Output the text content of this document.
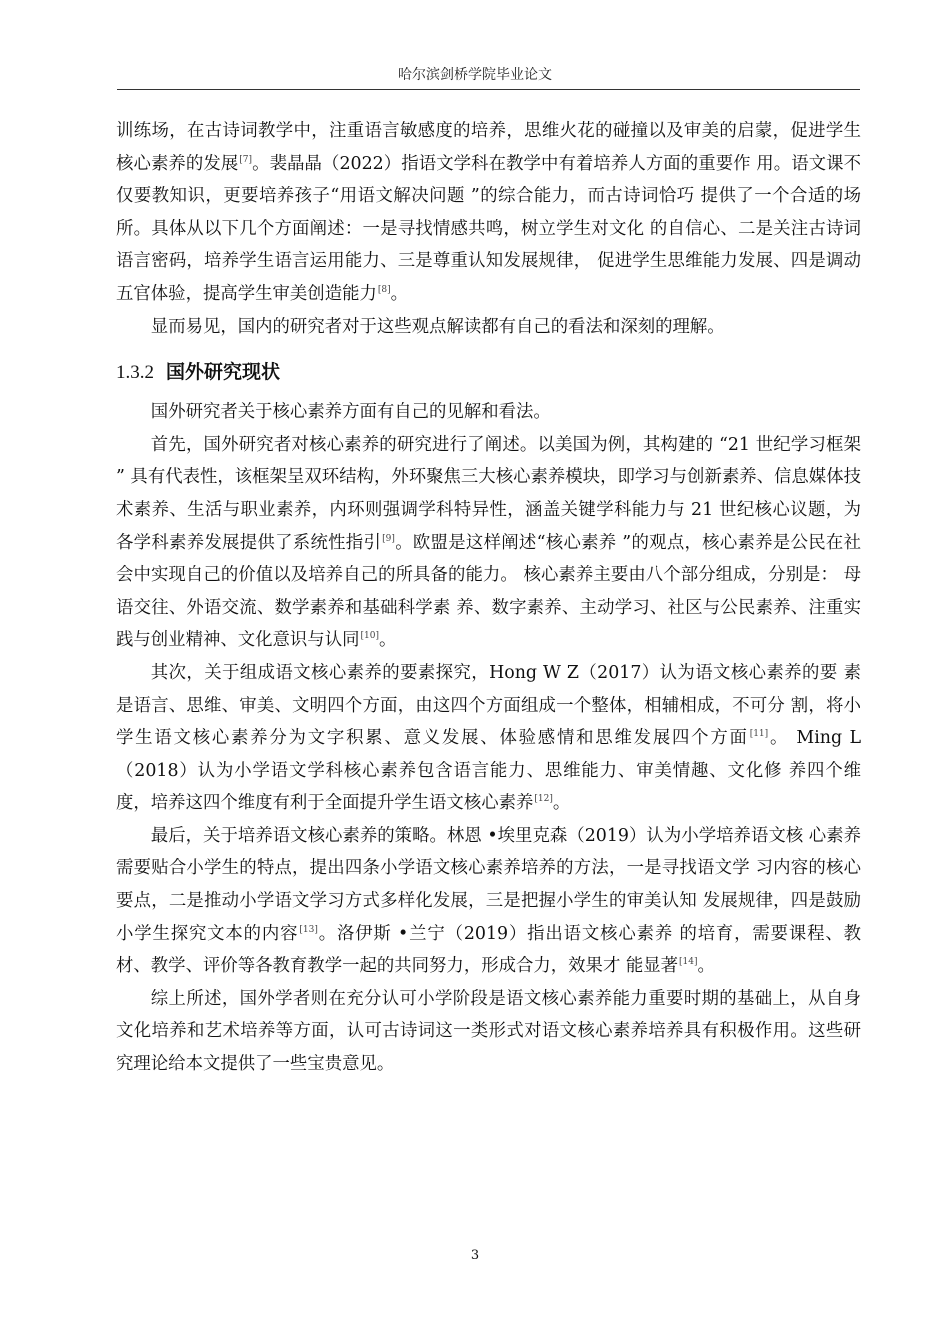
哈尔滨剑桥学院毕业论文

训练场，在古诗词教学中，注重语言敏感度的培养，思维火花的碰撞以及审美的启蒙，促进学生核心素养的发展[7]。裴晶晶（2022）指语文学科在教学中有着培养人方面的重要作 用。语文课不仅要教知识，更要培养孩子“用语文解决问题 ”的综合能力，而古诗词恰巧 提供了一个合适的场所。具体从以下几个方面阐述：一是寻找情感共鸣，树立学生对文化 的自信心、二是关注古诗词语言密码，培养学生语言运用能力、三是尊重认知发展规律， 促进学生思维能力发展、四是调动五官体验，提高学生审美创造能力[8]。

显而易见，国内的研究者对于这些观点解读都有自己的看法和深刻的理解。

1.3.2 国外研究现状

国外研究者关于核心素养方面有自己的见解和看法。

首先，国外研究者对核心素养的研究进行了阐述。以美国为例，其构建的 “21 世纪学习框架 ” 具有代表性，该框架呈双环结构，外环聚焦三大核心素养模块，即学习与创新素养、信息媒体技术素养、生活与职业素养，内环则强调学科特异性，涵盖关键学科能力与 21 世纪核心议题，为各学科素养发展提供了系统性指引[9]。欧盟是这样阐述“核心素养 ”的观点，核心素养是公民在社会中实现自己的价值以及培养自己的所具备的能力。 核心素养主要由八个部分组成，分别是： 母语交往、外语交流、数学素养和基础科学素 养、数字素养、主动学习、社区与公民素养、注重实践与创业精神、文化意识与认同[10]。

其次，关于组成语文核心素养的要素探究，Hong W Z（2017）认为语文核心素养的要 素是语言、思维、审美、文明四个方面，由这四个方面组成一个整体，相辅相成，不可分 割，将小学生语文核心素养分为文字积累、意义发展、体验感情和思维发展四个方面[11]。 Ming L（2018）认为小学语文学科核心素养包含语言能力、思维能力、审美情趣、文化修 养四个维度，培养这四个维度有利于全面提升学生语文核心素养[12]。

最后，关于培养语文核心素养的策略。林恩 •埃里克森（2019）认为小学培养语文核 心素养需要贴合小学生的特点，提出四条小学语文核心素养培养的方法，一是寻找语文学 习内容的核心要点，二是推动小学语文学习方式多样化发展，三是把握小学生的审美认知 发展规律，四是鼓励小学生探究文本的内容[13]。洛伊斯 •兰宁（2019）指出语文核心素养 的培育，需要课程、教材、教学、评价等各教育教学一起的共同努力，形成合力，效果才 能显著[14]。

综上所述，国外学者则在充分认可小学阶段是语文核心素养能力重要时期的基础上，从自身文化培养和艺术培养等方面，认可古诗词这一类形式对语文核心素养培养具有积极作用。这些研究理论给本文提供了一些宝贵意见。

3
